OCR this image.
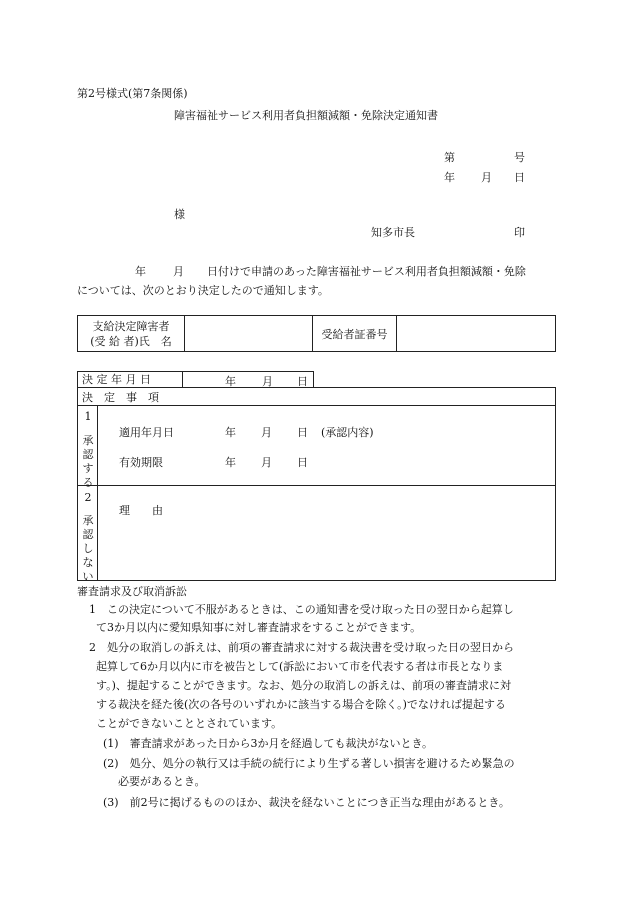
第2号様式(第7条関係)
障害福祉サービス利用者負担額減額・免除決定通知書
第	号
年 月 日
様
知多市長	印
年 月 日付けで申請のあった障害福祉サービス利用者負担額減額・免除
については、次のとおり決定したので通知します。
支給決定障害者
(受 給 者)氏　名
		受給者証番号	
決 定 年 月 日	年 月 日
決　定　事　項
1
承
認
す
る
適用年月日	年 月 日 (承認内容)
有効期限	年 月 日
2
承
認
し
な
い
理　　由
審査請求及び取消訴訟
1　この決定について不服があるときは、この通知書を受け取った日の翌日から起算し
て3か月以内に愛知県知事に対し審査請求をすることができます。
2　処分の取消しの訴えは、前項の審査請求に対する裁決書を受け取った日の翌日から
起算して6か月以内に市を被告として(訴訟において市を代表する者は市長となりま
す。)、提起することができます。なお、処分の取消しの訴えは、前項の審査請求に対
する裁決を経た後(次の各号のいずれかに該当する場合を除く。)でなければ提起する
ことができないこととされています。
(1)　審査請求があった日から3か月を経過しても裁決がないとき。
(2)　処分、処分の執行又は手続の続行により生ずる著しい損害を避けるため緊急の
必要があるとき。
(3)　前2号に掲げるもののほか、裁決を経ないことにつき正当な理由があるとき。
